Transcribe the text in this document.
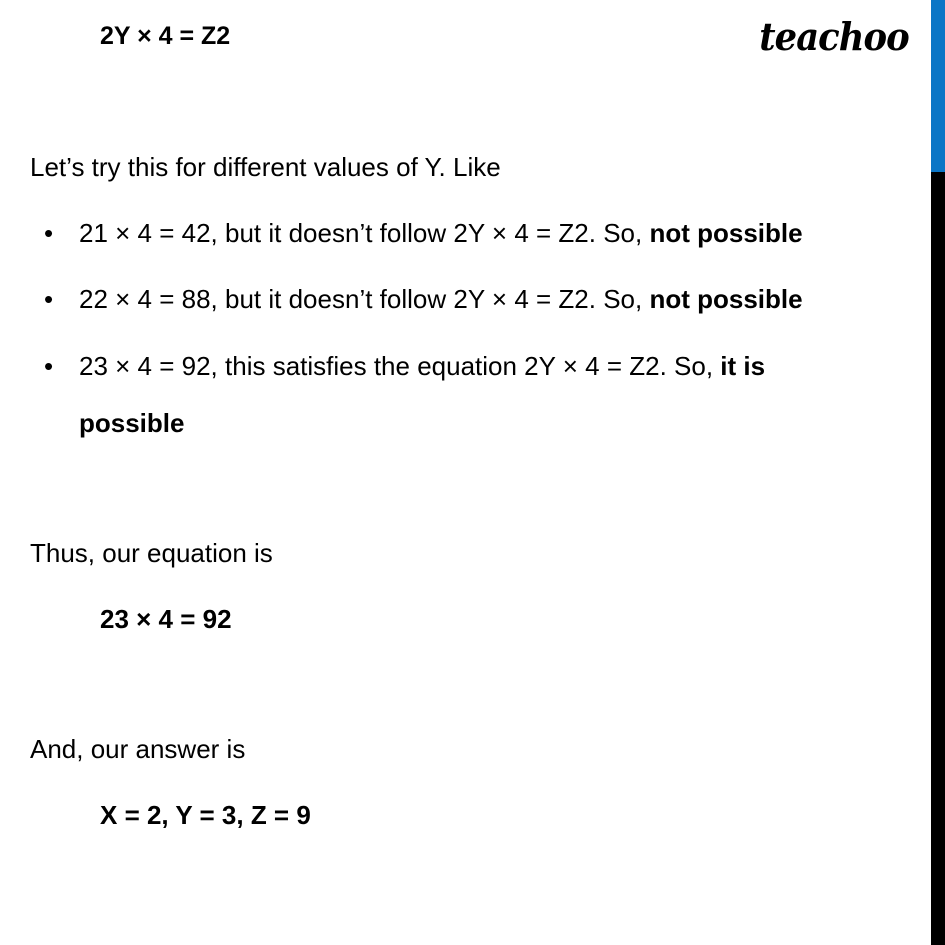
2Y × 4 = Z2	teachoo
Let’s try this for different values of Y. Like
• 21 × 4 = 42, but it doesn’t follow 2Y × 4 = Z2. So, not possible
• 22 × 4 = 88, but it doesn’t follow 2Y × 4 = Z2. So, not possible
• 23 × 4 = 92, this satisfies the equation 2Y × 4 = Z2. So, it is
possible
Thus, our equation is
23 × 4 = 92
And, our answer is
X = 2, Y = 3, Z = 9
